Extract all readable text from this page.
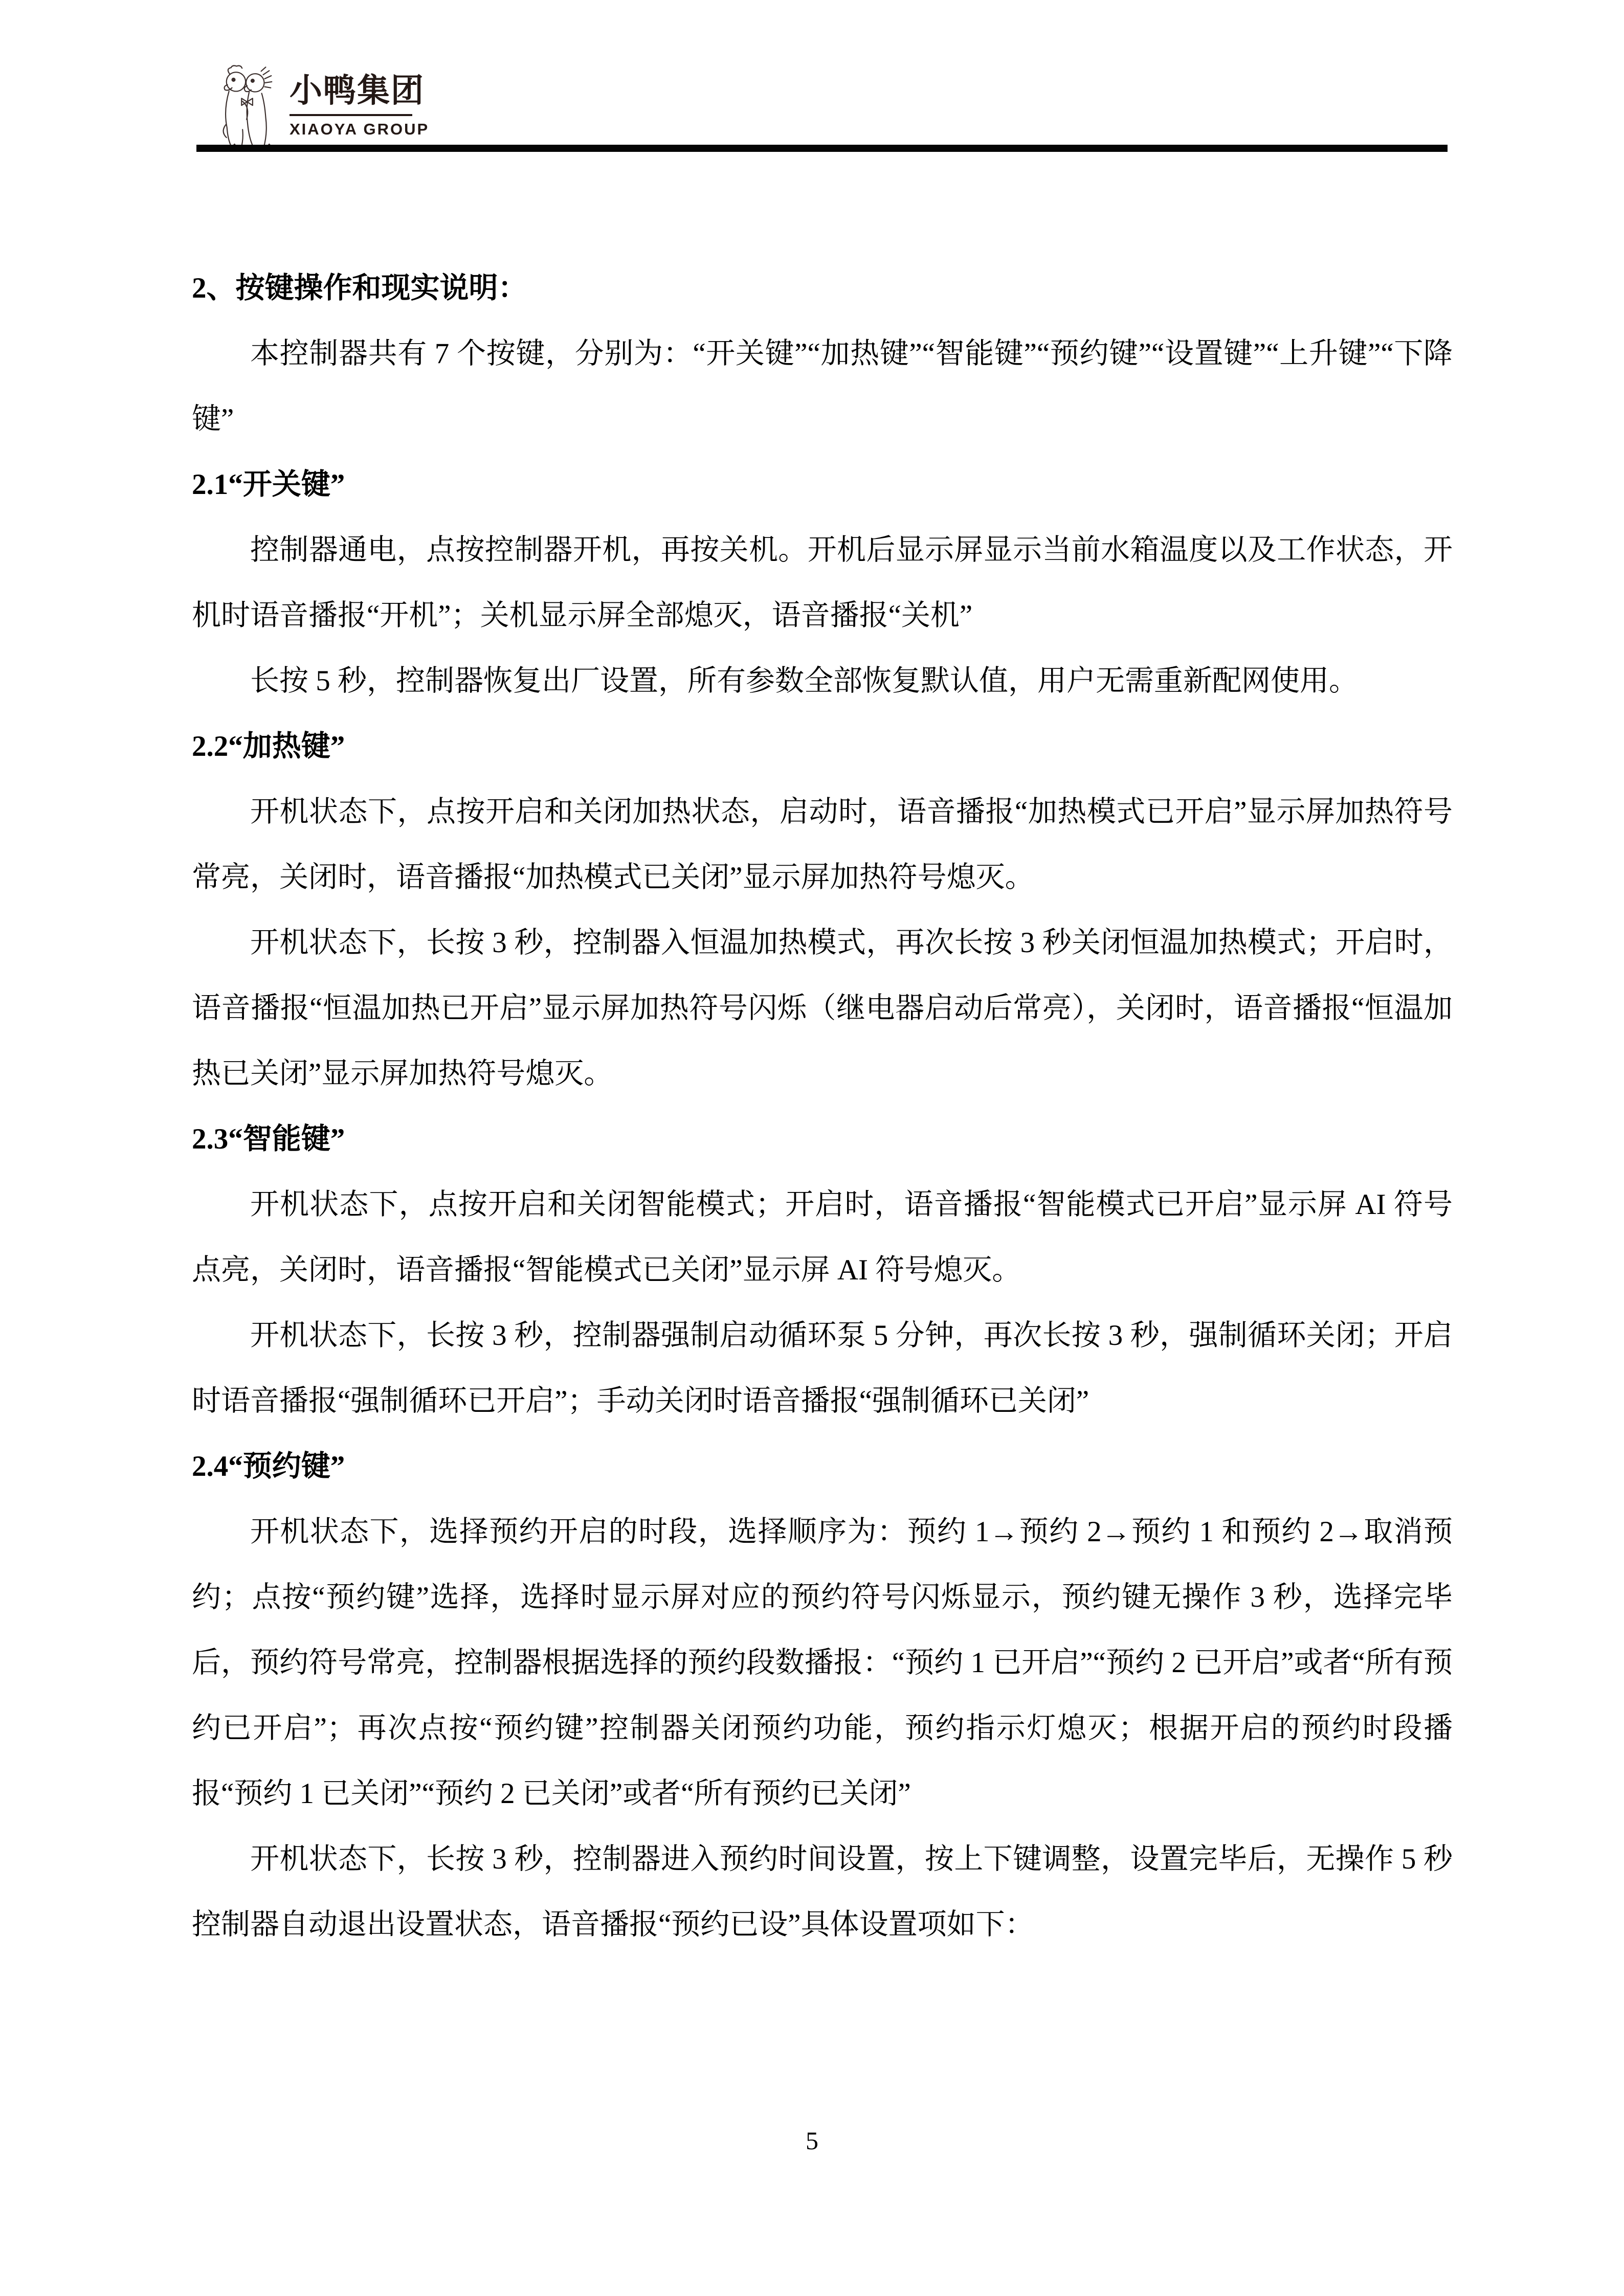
小鸭集团
XIAOYA GROUP
2、按键操作和现实说明：
本控制器共有 7 个按键，分别为：“开关键”“加热键”“智能键”“预约键”“设置键”“上升键”“下降键”
2.1“开关键”
控制器通电，点按控制器开机，再按关机。开机后显示屏显示当前水箱温度以及工作状态，开机时语音播报“开机”；关机显示屏全部熄灭，语音播报“关机”
长按 5 秒，控制器恢复出厂设置，所有参数全部恢复默认值，用户无需重新配网使用。
2.2“加热键”
开机状态下，点按开启和关闭加热状态，启动时，语音播报“加热模式已开启”显示屏加热符号常亮，关闭时，语音播报“加热模式已关闭”显示屏加热符号熄灭。
开机状态下，长按 3 秒，控制器入恒温加热模式，再次长按 3 秒关闭恒温加热模式；开启时，语音播报“恒温加热已开启”显示屏加热符号闪烁（继电器启动后常亮），关闭时，语音播报“恒温加热已关闭”显示屏加热符号熄灭。
2.3“智能键”
开机状态下，点按开启和关闭智能模式；开启时，语音播报“智能模式已开启”显示屏 AI 符号点亮，关闭时，语音播报“智能模式已关闭”显示屏 AI 符号熄灭。
开机状态下，长按 3 秒，控制器强制启动循环泵 5 分钟，再次长按 3 秒，强制循环关闭；开启时语音播报“强制循环已开启”；手动关闭时语音播报“强制循环已关闭”
2.4“预约键”
开机状态下，选择预约开启的时段，选择顺序为：预约 1→预约 2→预约 1 和预约 2→取消预约；点按“预约键”选择，选择时显示屏对应的预约符号闪烁显示，预约键无操作 3 秒，选择完毕后，预约符号常亮，控制器根据选择的预约段数播报：“预约 1 已开启”“预约 2 已开启”或者“所有预约已开启”；再次点按“预约键”控制器关闭预约功能，预约指示灯熄灭；根据开启的预约时段播报“预约 1 已关闭”“预约 2 已关闭”或者“所有预约已关闭”
开机状态下，长按 3 秒，控制器进入预约时间设置，按上下键调整，设置完毕后，无操作 5 秒控制器自动退出设置状态，语音播报“预约已设”具体设置项如下：
5
